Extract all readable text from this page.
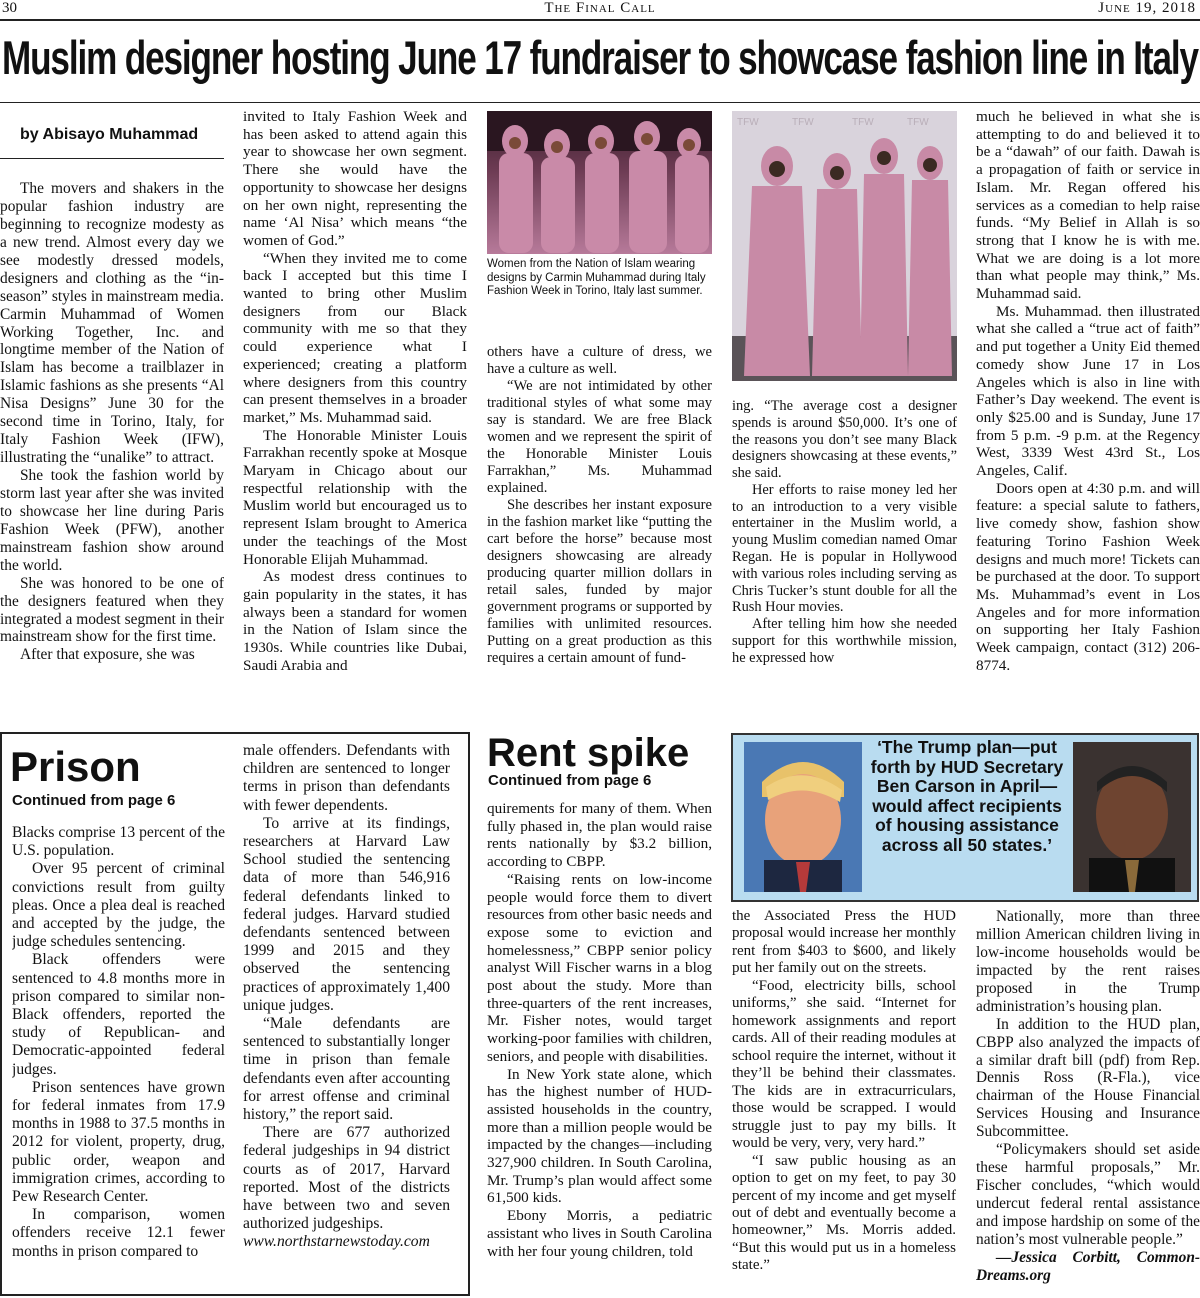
30	The Final Call	June 19, 2018
Muslim designer hosting June 17 fundraiser to showcase fashion line in Italy
by Abisayo Muhammad

The movers and shakers in the popular fashion industry are beginning to recognize modesty as a new trend. Almost every day we see modestly dressed models, designers and clothing as the “in-season” styles in mainstream media. Carmin Muhammad of Women Working Together, Inc. and longtime member of the Nation of Islam has become a trailblazer in Islamic fashions as she presents “Al Nisa Designs” June 30 for the second time in Torino, Italy, for Italy Fashion Week (IFW), illustrating the “unalike” to attract.

She took the fashion world by storm last year after she was invited to showcase her line during Paris Fashion Week (PFW), another mainstream fashion show around the world.

She was honored to be one of the designers featured when they integrated a modest segment in their mainstream show for the first time.

After that exposure, she was

invited to Italy Fashion Week and has been asked to attend again this year to showcase her own segment. There she would have the opportunity to showcase her designs on her own night, representing the name ‘Al Nisa’ which means “the women of God.”

“When they invited me to come back I accepted but this time I wanted to bring other Muslim designers from our Black community with me so that they could experience what I experienced; creating a platform where designers from this country can present themselves in a broader market,” Ms. Muhammad said.

The Honorable Minister Louis Farrakhan recently spoke at Mosque Maryam in Chicago about our respectful relationship with the Muslim world but encouraged us to represent Islam brought to America under the teachings of the Most Honorable Elijah Muhammad.

As modest dress continues to gain popularity in the states, it has always been a standard for women in the Nation of Islam since the 1930s. While countries like Dubai, Saudi Arabia and

Women from the Nation of Islam wearing designs by Carmin Muhammad during Italy Fashion Week in Torino, Italy last summer.
TFW	TFW	TFW	TFW

others have a culture of dress, we have a culture as well.

“We are not intimidated by other traditional styles of what some may say is standard. We are free Black women and we represent the spirit of the Honorable Minister Louis Farrakhan,” Ms. Muhammad explained.

She describes her instant exposure in the fashion market like “putting the cart before the horse” because most designers showcasing are already producing quarter million dollars in retail sales, funded by major government programs or supported by families with unlimited resources. Putting on a great production as this requires a certain amount of fund-

ing. “The average cost a designer spends is around $50,000. It’s one of the reasons you don’t see many Black designers showcasing at these events,” she said.

Her efforts to raise money led her to an introduction to a very visible entertainer in the Muslim world, a young Muslim comedian named Omar Regan. He is popular in Hollywood with various roles including serving as Chris Tucker’s stunt double for all the Rush Hour movies.

After telling him how she needed support for this worthwhile mission, he expressed how

much he believed in what she is attempting to do and believed it to be a “dawah” of our faith. Dawah is a propagation of faith or service in Islam. Mr. Regan offered his services as a comedian to help raise funds. “My Belief in Allah is so strong that I know he is with me. What we are doing is a lot more than what people may think,” Ms. Muhammad said.

Ms. Muhammad. then illustrated what she called a “true act of faith” and put together a Unity Eid themed comedy show June 17 in Los Angeles which is also in line with Father’s Day weekend. The event is only $25.00 and is Sunday, June 17 from 5 p.m. -9 p.m. at the Regency West, 3339 West 43rd St., Los Angeles, Calif.

Doors open at 4:30 p.m. and will feature: a special salute to fathers, live comedy show, fashion show featuring Torino Fashion Week designs and much more! Tickets can be purchased at the door. To support Ms. Muhammad’s event in Los Angeles and for more information on supporting her Italy Fashion Week campaign, contact (312) 206-8774.

Prison
Continued from page 6

Blacks comprise 13 percent of the U.S. population.

Over 95 percent of criminal convictions result from guilty pleas. Once a plea deal is reached and accepted by the judge, the judge schedules sentencing.

Black offenders were sentenced to 4.8 months more in prison compared to similar non-Black offenders, reported the study of Republican- and Democratic-appointed federal judges.

Prison sentences have grown for federal inmates from 17.9 months in 1988 to 37.5 months in 2012 for violent, property, drug, public order, weapon and immigration crimes, according to Pew Research Center.

In comparison, women offenders receive 12.1 fewer months in prison compared to

male offenders. Defendants with children are sentenced to longer terms in prison than defendants with fewer dependents.

To arrive at its findings, researchers at Harvard Law School studied the sentencing data of more than 546,916 federal defendants linked to federal judges. Harvard studied defendants sentenced between 1999 and 2015 and they observed the sentencing practices of approximately 1,400 unique judges.

“Male defendants are sentenced to substantially longer time in prison than female defendants even after accounting for arrest offense and criminal history,” the report said.

There are 677 authorized federal judgeships in 94 district courts as of 2017, Harvard reported. Most of the districts have between two and seven authorized judgeships.

www.northstarnewstoday.com

Rent spike
Continued from page 6
‘The Trump plan—put forth by HUD Secretary Ben Carson in April—would affect recipients of housing assistance across all 50 states.’

quirements for many of them. When fully phased in, the plan would raise rents nationally by $3.2 billion, according to CBPP.

“Raising rents on low-income people would force them to divert resources from other basic needs and expose some to eviction and homelessness,” CBPP senior policy analyst Will Fischer warns in a blog post about the study. More than three-quarters of the rent increases, Mr. Fisher notes, would target working-poor families with children, seniors, and people with disabilities.

In New York state alone, which has the highest number of HUD-assisted households in the country, more than a million people would be impacted by the changes—including 327,900 children. In South Carolina, Mr. Trump’s plan would affect some 61,500 kids.

Ebony Morris, a pediatric assistant who lives in South Carolina with her four young children, told

the Associated Press the HUD proposal would increase her monthly rent from $403 to $600, and likely put her family out on the streets.

“Food, electricity bills, school uniforms,” she said. “Internet for homework assignments and report cards. All of their reading modules at school require the internet, without it they’ll be behind their classmates. The kids are in extracurriculars, those would be scrapped. I would struggle just to pay my bills. It would be very, very, very hard.”

“I saw public housing as an option to get on my feet, to pay 30 percent of my income and get myself out of debt and eventually become a homeowner,” Ms. Morris added. “But this would put us in a homeless state.”

Nationally, more than three million American children living in low-income households would be impacted by the rent raises proposed in the Trump administration’s housing plan.

In addition to the HUD plan, CBPP also analyzed the impacts of a similar draft bill (pdf) from Rep. Dennis Ross (R-Fla.), vice chairman of the House Financial Services Housing and Insurance Subcommittee.

“Policymakers should set aside these harmful proposals,” Mr. Fischer concludes, “which would undercut federal rental assistance and impose hardship on some of the nation’s most vulnerable people.”

—Jessica Corbitt, Common-Dreams.org
